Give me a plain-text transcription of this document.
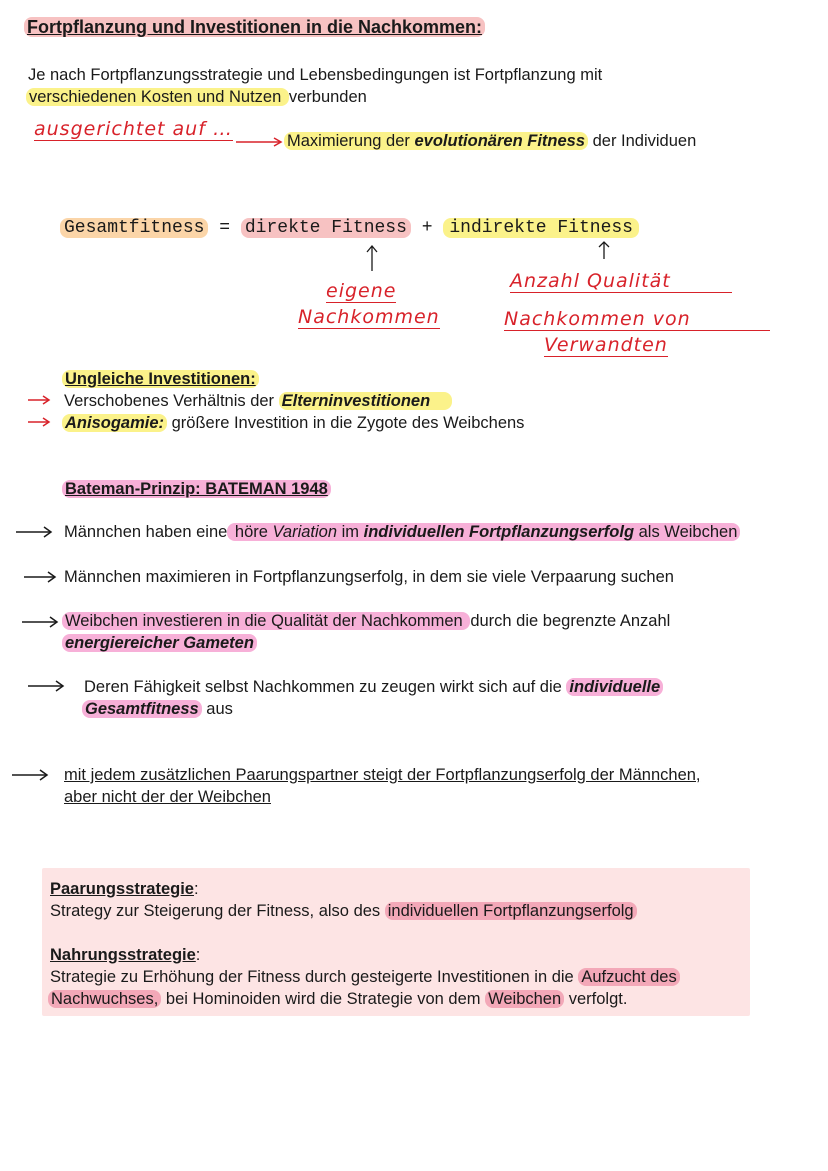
Fortpflanzung und Investitionen in die Nachkommen:
Je nach Fortpflanzungsstrategie und Lebensbedingungen ist Fortpflanzung mit
verschiedenen Kosten und Nutzen verbunden
ausgerichtet auf …
Maximierung der evolutionären Fitness der Individuen
Gesamtfitness = direkte Fitness + indirekte Fitness
eigene
Nachkommen
Anzahl Qualität
Nachkommen von
Verwandten
Ungleiche Investitionen:
Verschobenes Verhältnis der Elterninvestitionen
Anisogamie: größere Investition in die Zygote des Weibchens
Bateman-Prinzip: BATEMAN 1948
Männchen haben eine höre Variation im individuellen Fortpflanzungserfolg als Weibchen
Männchen maximieren in Fortpflanzungserfolg, in dem sie viele Verpaarung suchen
Weibchen investieren in die Qualität der Nachkommen durch die begrenzte Anzahl
energiereicher Gameten
Deren Fähigkeit selbst Nachkommen zu zeugen wirkt sich auf die individuelle
Gesamtfitness aus
mit jedem zusätzlichen Paarungspartner steigt der Fortpflanzungserfolg der Männchen,
aber nicht der der Weibchen
Paarungsstrategie:
Strategy zur Steigerung der Fitness, also des individuellen Fortpflanzungserfolg
Nahrungsstrategie:
Strategie zu Erhöhung der Fitness durch gesteigerte Investitionen in die Aufzucht des
Nachwuchses, bei Hominoiden wird die Strategie von dem Weibchen verfolgt.
